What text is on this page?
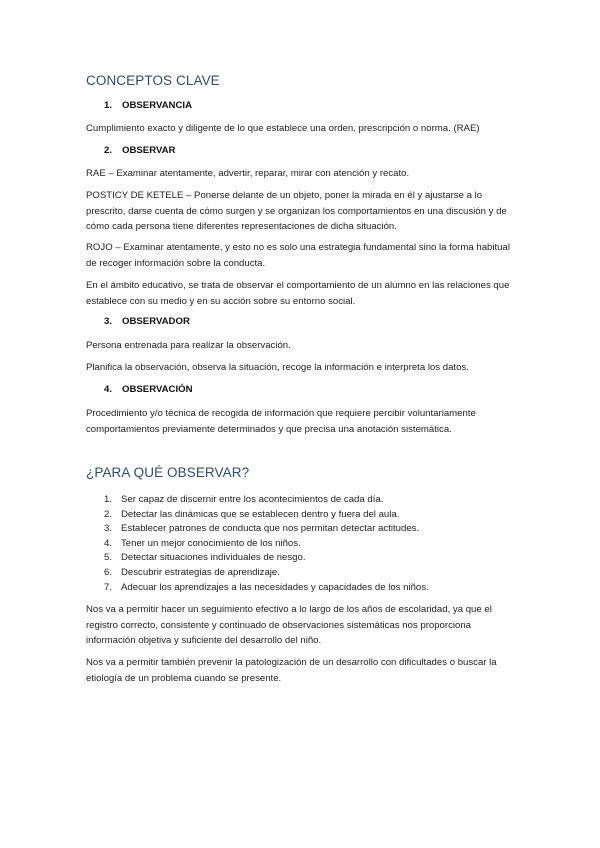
CONCEPTOS CLAVE
1. OBSERVANCIA

Cumplimiento exacto y diligente de lo que establece una orden, prescripción o norma. (RAE)

2. OBSERVAR

RAE – Examinar atentamente, advertir, reparar, mirar con atención y recato.

POSTICY DE KETELE – Ponerse delante de un objeto, poner la mirada en él y ajustarse a lo prescrito, darse cuenta de cómo surgen y se organizan los comportamientos en una discusión y de cómo cada persona tiene diferentes representaciones de dicha situación.

ROJO – Examinar atentamente, y esto no es solo una estrategia fundamental sino la forma habitual de recoger información sobre la conducta.

En el ámbito educativo, se trata de observar el comportamiento de un alumno en las relaciones que establece con su medio y en su acción sobre su entorno social.

3. OBSERVADOR

Persona entrenada para realizar la observación.

Planifica la observación, observa la situación, recoge la información e interpreta los datos.

4. OBSERVACIÓN

Procedimiento y/o técnica de recogida de información que requiere percibir voluntariamente comportamientos previamente determinados y que precisa una anotación sistemática.

¿PARA QUÉ OBSERVAR?
1. Ser capaz de discernir entre los acontecimientos de cada día.
2. Detectar las dinámicas que se establecen dentro y fuera del aula.
3. Establecer patrones de conducta que nos permitan detectar actitudes.
4. Tener un mejor conocimiento de los niños.
5. Detectar situaciones individuales de riesgo.
6. Descubrir estrategias de aprendizaje.
7. Adecuar los aprendizajes a las necesidades y capacidades de los niños.

Nos va a permitir hacer un seguimiento efectivo a lo largo de los años de escolaridad, ya que el registro correcto, consistente y continuado de observaciones sistemáticas nos proporciona información objetiva y suficiente del desarrollo del niño.

Nos va a permitir también prevenir la patologización de un desarrollo con dificultades o buscar la etiología de un problema cuando se presente.
